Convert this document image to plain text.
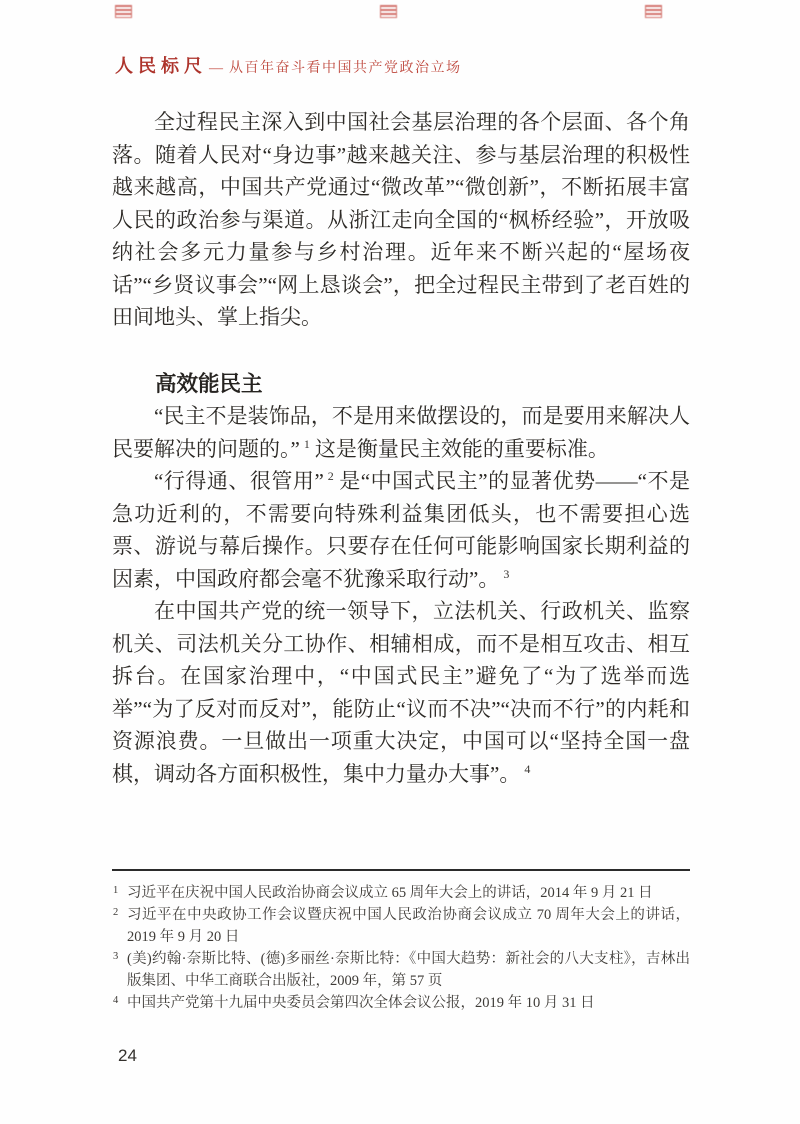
人民标尺 — 从百年奋斗看中国共产党政治立场

全过程民主深入到中国社会基层治理的各个层面、各个角落。随着人民对“身边事”越来越关注、参与基层治理的积极性越来越高，中国共产党通过“微改革”“微创新”，不断拓展丰富人民的政治参与渠道。从浙江走向全国的“枫桥经验”，开放吸纳社会多元力量参与乡村治理。近年来不断兴起的“屋场夜话”“乡贤议事会”“网上恳谈会”，把全过程民主带到了老百姓的田间地头、掌上指尖。

高效能民主

“民主不是装饰品，不是用来做摆设的，而是要用来解决人民要解决的问题的。” $^1$ 这是衡量民主效能的重要标准。

“行得通、很管用” $^2$ 是“中国式民主”的显著优势——“不是急功近利的，不需要向特殊利益集团低头，也不需要担心选票、游说与幕后操作。只要存在任何可能影响国家长期利益的因素，中国政府都会毫不犹豫采取行动”。 $^3$

在中国共产党的统一领导下，立法机关、行政机关、监察机关、司法机关分工协作、相辅相成，而不是相互攻击、相互拆台。在国家治理中，“中国式民主”避免了“为了选举而选举”“为了反对而反对”，能防止“议而不决”“决而不行”的内耗和资源浪费。一旦做出一项重大决定，中国可以“坚持全国一盘棋，调动各方面积极性，集中力量办大事”。 $^4$

1 习近平在庆祝中国人民政治协商会议成立 65 周年大会上的讲话，2014 年 9 月 21 日
2 习近平在中央政协工作会议暨庆祝中国人民政治协商会议成立 70 周年大会上的讲话，2019 年 9 月 20 日
3 (美)约翰·奈斯比特、(德)多丽丝·奈斯比特：《中国大趋势：新社会的八大支柱》，吉林出版集团、中华工商联合出版社，2009 年，第 57 页
4 中国共产党第十九届中央委员会第四次全体会议公报，2019 年 10 月 31 日
24
